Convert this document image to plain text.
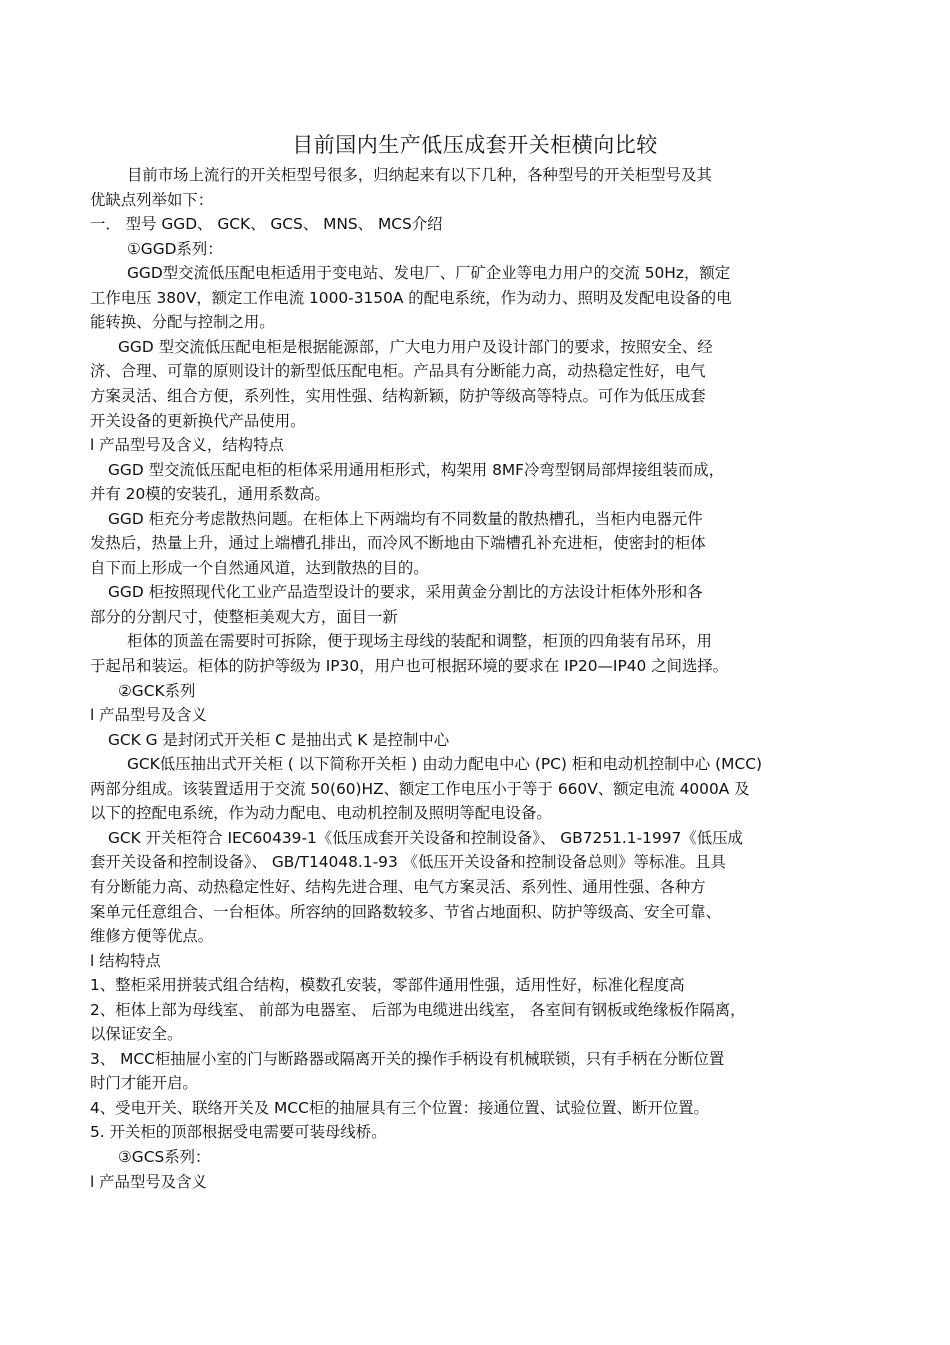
目前国内生产低压成套开关柜横向比较
目前市场上流行的开关柜型号很多，归纳起来有以下几种，各种型号的开关柜型号及其
优缺点列举如下：
一． 型号 GGD、 GCK、 GCS、 MNS、 MCS介绍
①GGD系列：
GGD型交流低压配电柜适用于变电站、发电厂、厂矿企业等电力用户的交流 50Hz，额定
工作电压 380V，额定工作电流 1000-3150A 的配电系统，作为动力、照明及发配电设备的电
能转换、分配与控制之用。
GGD 型交流低压配电柜是根据能源部，广大电力用户及设计部门的要求，按照安全、经
济、合理、可靠的原则设计的新型低压配电柜。产品具有分断能力高，动热稳定性好，电气
方案灵活、组合方便，系列性，实用性强、结构新颖，防护等级高等特点。可作为低压成套
开关设备的更新换代产品使用。
l 产品型号及含义，结构特点
GGD 型交流低压配电柜的柜体采用通用柜形式，构架用 8MF冷弯型钢局部焊接组装而成，
并有 20模的安装孔，通用系数高。
GGD 柜充分考虑散热问题。在柜体上下两端均有不同数量的散热槽孔，当柜内电器元件
发热后，热量上升，通过上端槽孔排出，而冷风不断地由下端槽孔补充进柜，使密封的柜体
自下而上形成一个自然通风道，达到散热的目的。
GGD 柜按照现代化工业产品造型设计的要求，采用黄金分割比的方法设计柜体外形和各
部分的分割尺寸，使整柜美观大方，面目一新
柜体的顶盖在需要时可拆除，便于现场主母线的装配和调整，柜顶的四角装有吊环，用
于起吊和装运。柜体的防护等级为 IP30，用户也可根据环境的要求在 IP20—IP40 之间选择。
②GCK系列
l 产品型号及含义
GCK G 是封闭式开关柜 C 是抽出式 K 是控制中心
GCK低压抽出式开关柜 ( 以下简称开关柜 ) 由动力配电中心 (PC) 柜和电动机控制中心 (MCC)
两部分组成。该装置适用于交流 50(60)HZ、额定工作电压小于等于 660V、额定电流 4000A 及
以下的控配电系统，作为动力配电、电动机控制及照明等配电设备。
GCK 开关柜符合 IEC60439-1《低压成套开关设备和控制设备》、 GB7251.1-1997《低压成
套开关设备和控制设备》、 GB/T14048.1-93 《低压开关设备和控制设备总则》等标准。且具
有分断能力高、动热稳定性好、结构先进合理、电气方案灵活、系列性、通用性强、各种方
案单元任意组合、一台柜体。所容纳的回路数较多、节省占地面积、防护等级高、安全可靠、
维修方便等优点。
l 结构特点
1、整柜采用拼装式组合结构，模数孔安装，零部件通用性强，适用性好，标准化程度高
2、柜体上部为母线室、 前部为电器室、 后部为电缆进出线室， 各室间有钢板或绝缘板作隔离，
以保证安全。
3、 MCC柜抽屉小室的门与断路器或隔离开关的操作手柄设有机械联锁，只有手柄在分断位置
时门才能开启。
4、受电开关、联络开关及 MCC柜的抽屉具有三个位置：接通位置、试验位置、断开位置。
5. 开关柜的顶部根据受电需要可装母线桥。
③GCS系列：
l 产品型号及含义
